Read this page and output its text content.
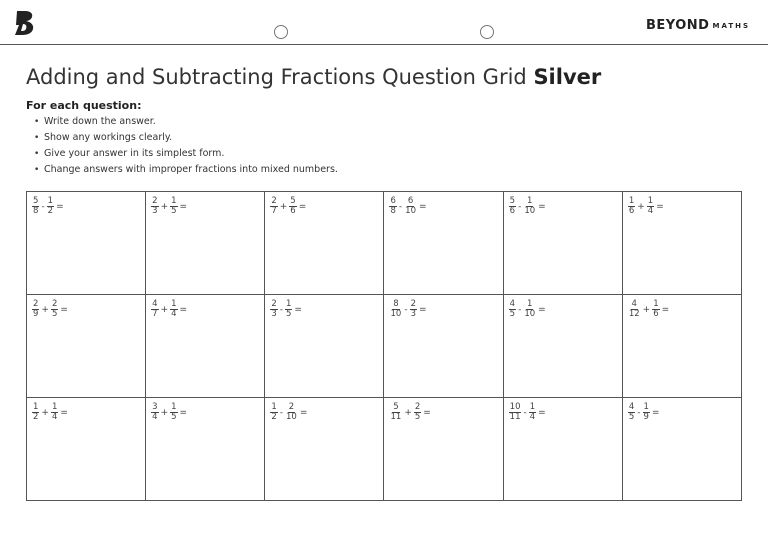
BEYOND MATHS
Adding and Subtracting Fractions Question Grid Silver
For each question:
• Write down the answer.
• Show any workings clearly.
• Give your answer in its simplest form.
• Change answers with improper fractions into mixed numbers.
$\frac{5}{8} - \frac{1}{2}$ =	$\frac{2}{3} + \frac{1}{5}$ =	$\frac{2}{7} + \frac{5}{6}$ =	$\frac{6}{8} - \frac{6}{10}$ =	$\frac{5}{6} - \frac{1}{10}$ =	$\frac{1}{6} + \frac{1}{4}$ =
$\frac{2}{9} + \frac{2}{5}$ =	$\frac{4}{7} + \frac{1}{4}$ =	$\frac{2}{3} - \frac{1}{5}$ =	$\frac{8}{10} - \frac{2}{3}$ =	$\frac{4}{5} - \frac{1}{10}$ =	$\frac{4}{12} + \frac{1}{6}$ =
$\frac{1}{2} + \frac{1}{4}$ =	$\frac{3}{4} + \frac{1}{5}$ =	$\frac{1}{2} - \frac{2}{10}$ =	$\frac{5}{11} + \frac{2}{5}$ =	$\frac{10}{11} - \frac{1}{4}$ =	$\frac{4}{5} - \frac{1}{9}$ =
